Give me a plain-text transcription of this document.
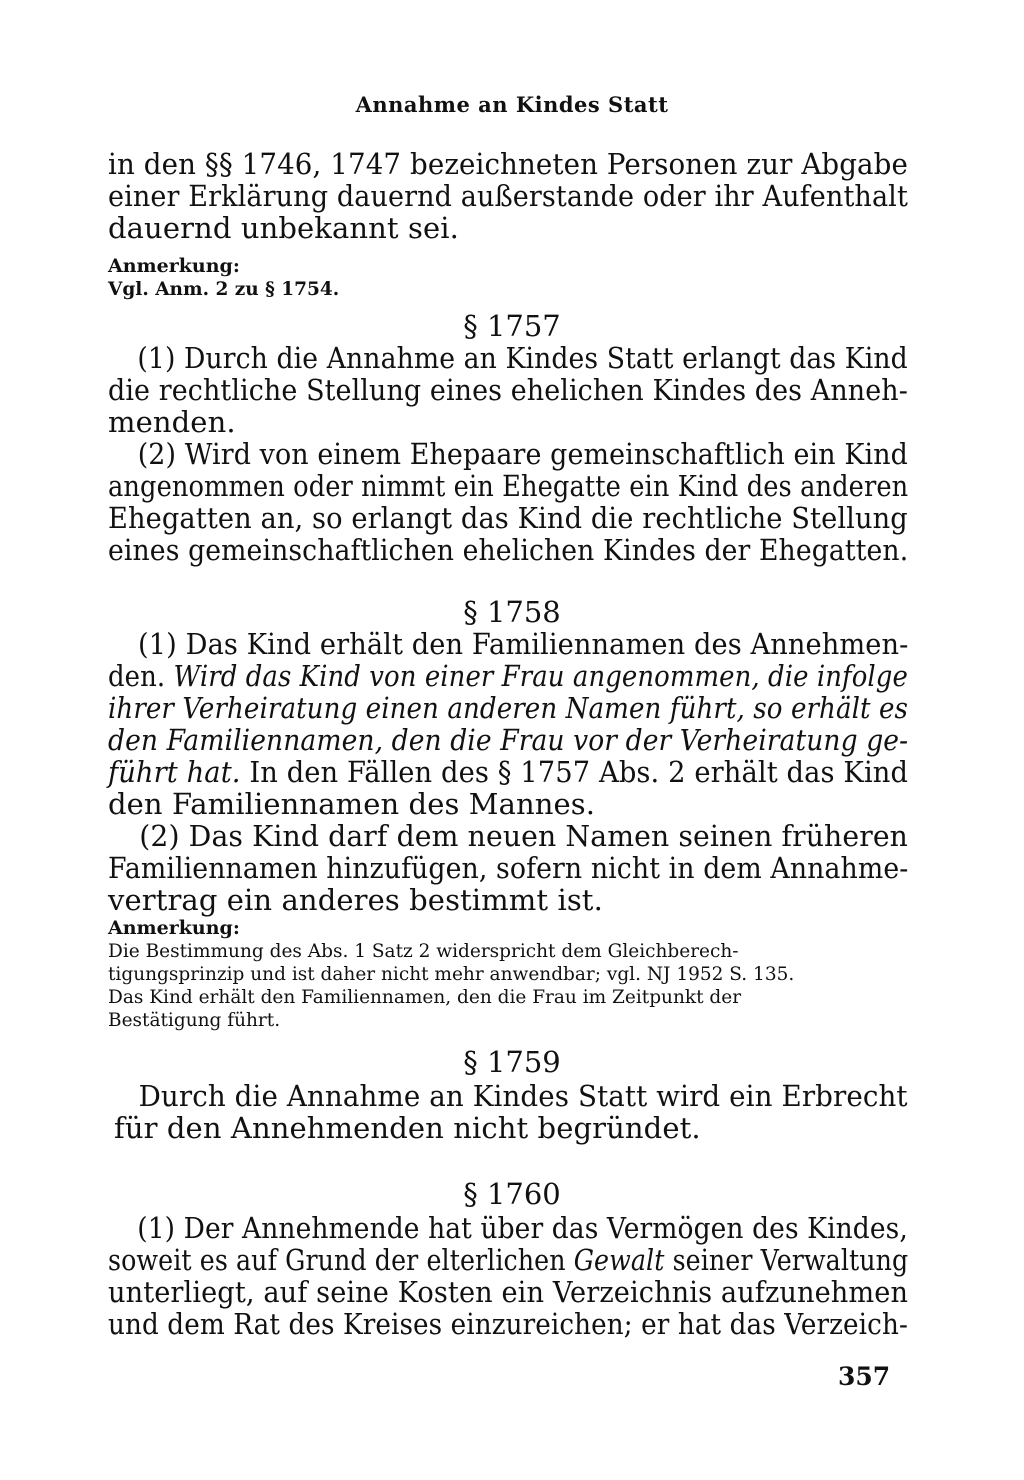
Annahme an Kindes Statt
in den §§ 1746, 1747 bezeichneten Personen zur Abgabe
einer Erklärung dauernd außerstande oder ihr Aufenthalt
dauernd unbekannt sei.
Anmerkung:
Vgl. Anm. 2 zu § 1754.
§ 1757
(1) Durch die Annahme an Kindes Statt erlangt das Kind
die rechtliche Stellung eines ehelichen Kindes des Anneh-
menden.
(2) Wird von einem Ehepaare gemeinschaftlich ein Kind
angenommen oder nimmt ein Ehegatte ein Kind des anderen
Ehegatten an, so erlangt das Kind die rechtliche Stellung
eines gemeinschaftlichen ehelichen Kindes der Ehegatten.
§ 1758
(1) Das Kind erhält den Familiennamen des Annehmen-
den. Wird das Kind von einer Frau angenommen, die infolge
ihrer Verheiratung einen anderen Namen führt, so erhält es
den Familiennamen, den die Frau vor der Verheiratung ge-
führt hat. In den Fällen des § 1757 Abs. 2 erhält das Kind
den Familiennamen des Mannes.
(2) Das Kind darf dem neuen Namen seinen früheren
Familiennamen hinzufügen, sofern nicht in dem Annahme-
vertrag ein anderes bestimmt ist.
Anmerkung:
Die Bestimmung des Abs. 1 Satz 2 widerspricht dem Gleichberech-
tigungsprinzip und ist daher nicht mehr anwendbar; vgl. NJ 1952 S. 135.
Das Kind erhält den Familiennamen, den die Frau im Zeitpunkt der
Bestätigung führt.
§ 1759
Durch die Annahme an Kindes Statt wird ein Erbrecht
für den Annehmenden nicht begründet.
§ 1760
(1) Der Annehmende hat über das Vermögen des Kindes,
soweit es auf Grund der elterlichen Gewalt seiner Verwaltung
unterliegt, auf seine Kosten ein Verzeichnis aufzunehmen
und dem Rat des Kreises einzureichen; er hat das Verzeich-
357
